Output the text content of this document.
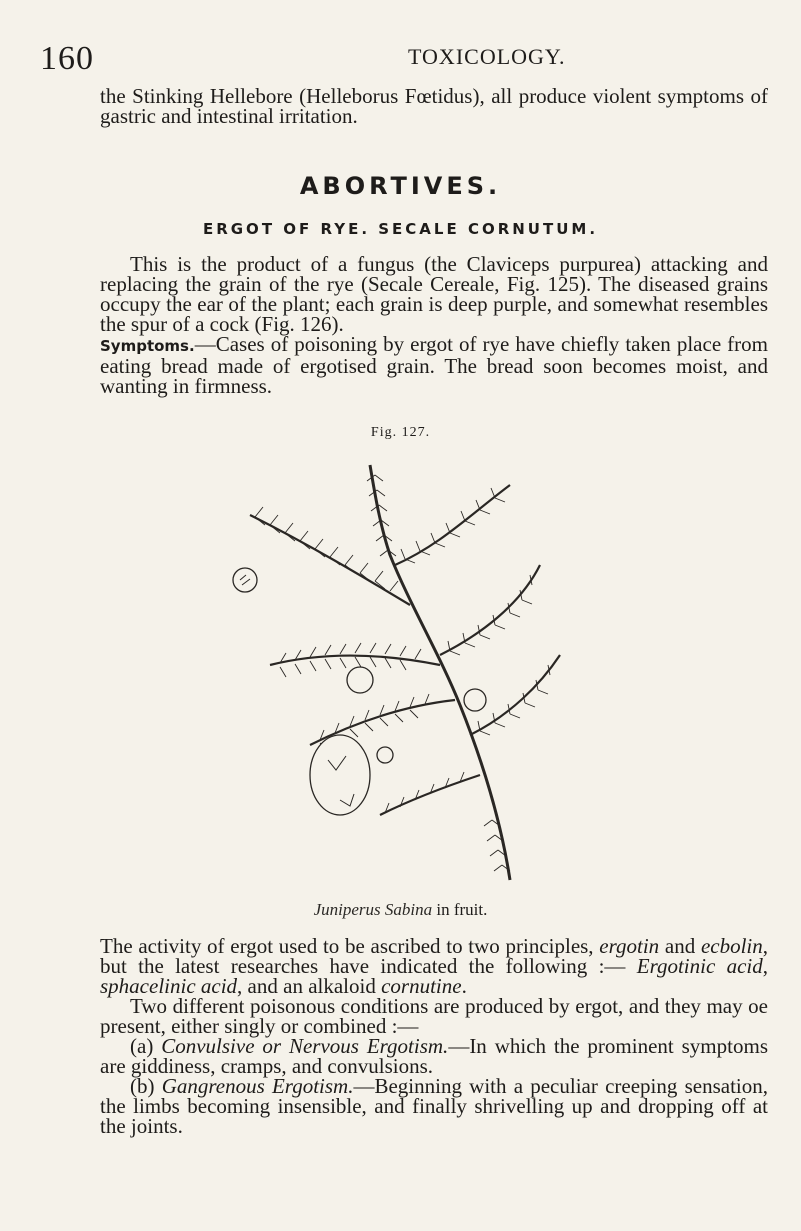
160	TOXICOLOGY.

the Stinking Hellebore (Helleborus Fœtidus), all produce violent symptoms of gastric and intestinal irritation.

ABORTIVES.
ERGOT OF RYE. SECALE CORNUTUM.

This is the product of a fungus (the Claviceps purpurea) attacking and replacing the grain of the rye (Secale Cereale, Fig. 125). The diseased grains occupy the ear of the plant; each grain is deep purple, and somewhat resembles the spur of a cock (Fig. 126).
Symptoms.—Cases of poisoning by ergot of rye have chiefly taken place from eating bread made of ergotised grain. The bread soon becomes moist, and wanting in firmness.

Fig. 127.
Juniperus Sabina in fruit.
The activity of ergot used to be ascribed to two principles, ergotin and ecbolin, but the latest researches have indicated the following :— Ergotinic acid, sphacelinic acid, and an alkaloid cornutine.
Two different poisonous conditions are produced by ergot, and they may oe present, either singly or combined :—
(a) Convulsive or Nervous Ergotism.—In which the prominent symptoms are giddiness, cramps, and convulsions.
(b) Gangrenous Ergotism.—Beginning with a peculiar creeping sensation, the limbs becoming insensible, and finally shrivelling up and dropping off at the joints.
